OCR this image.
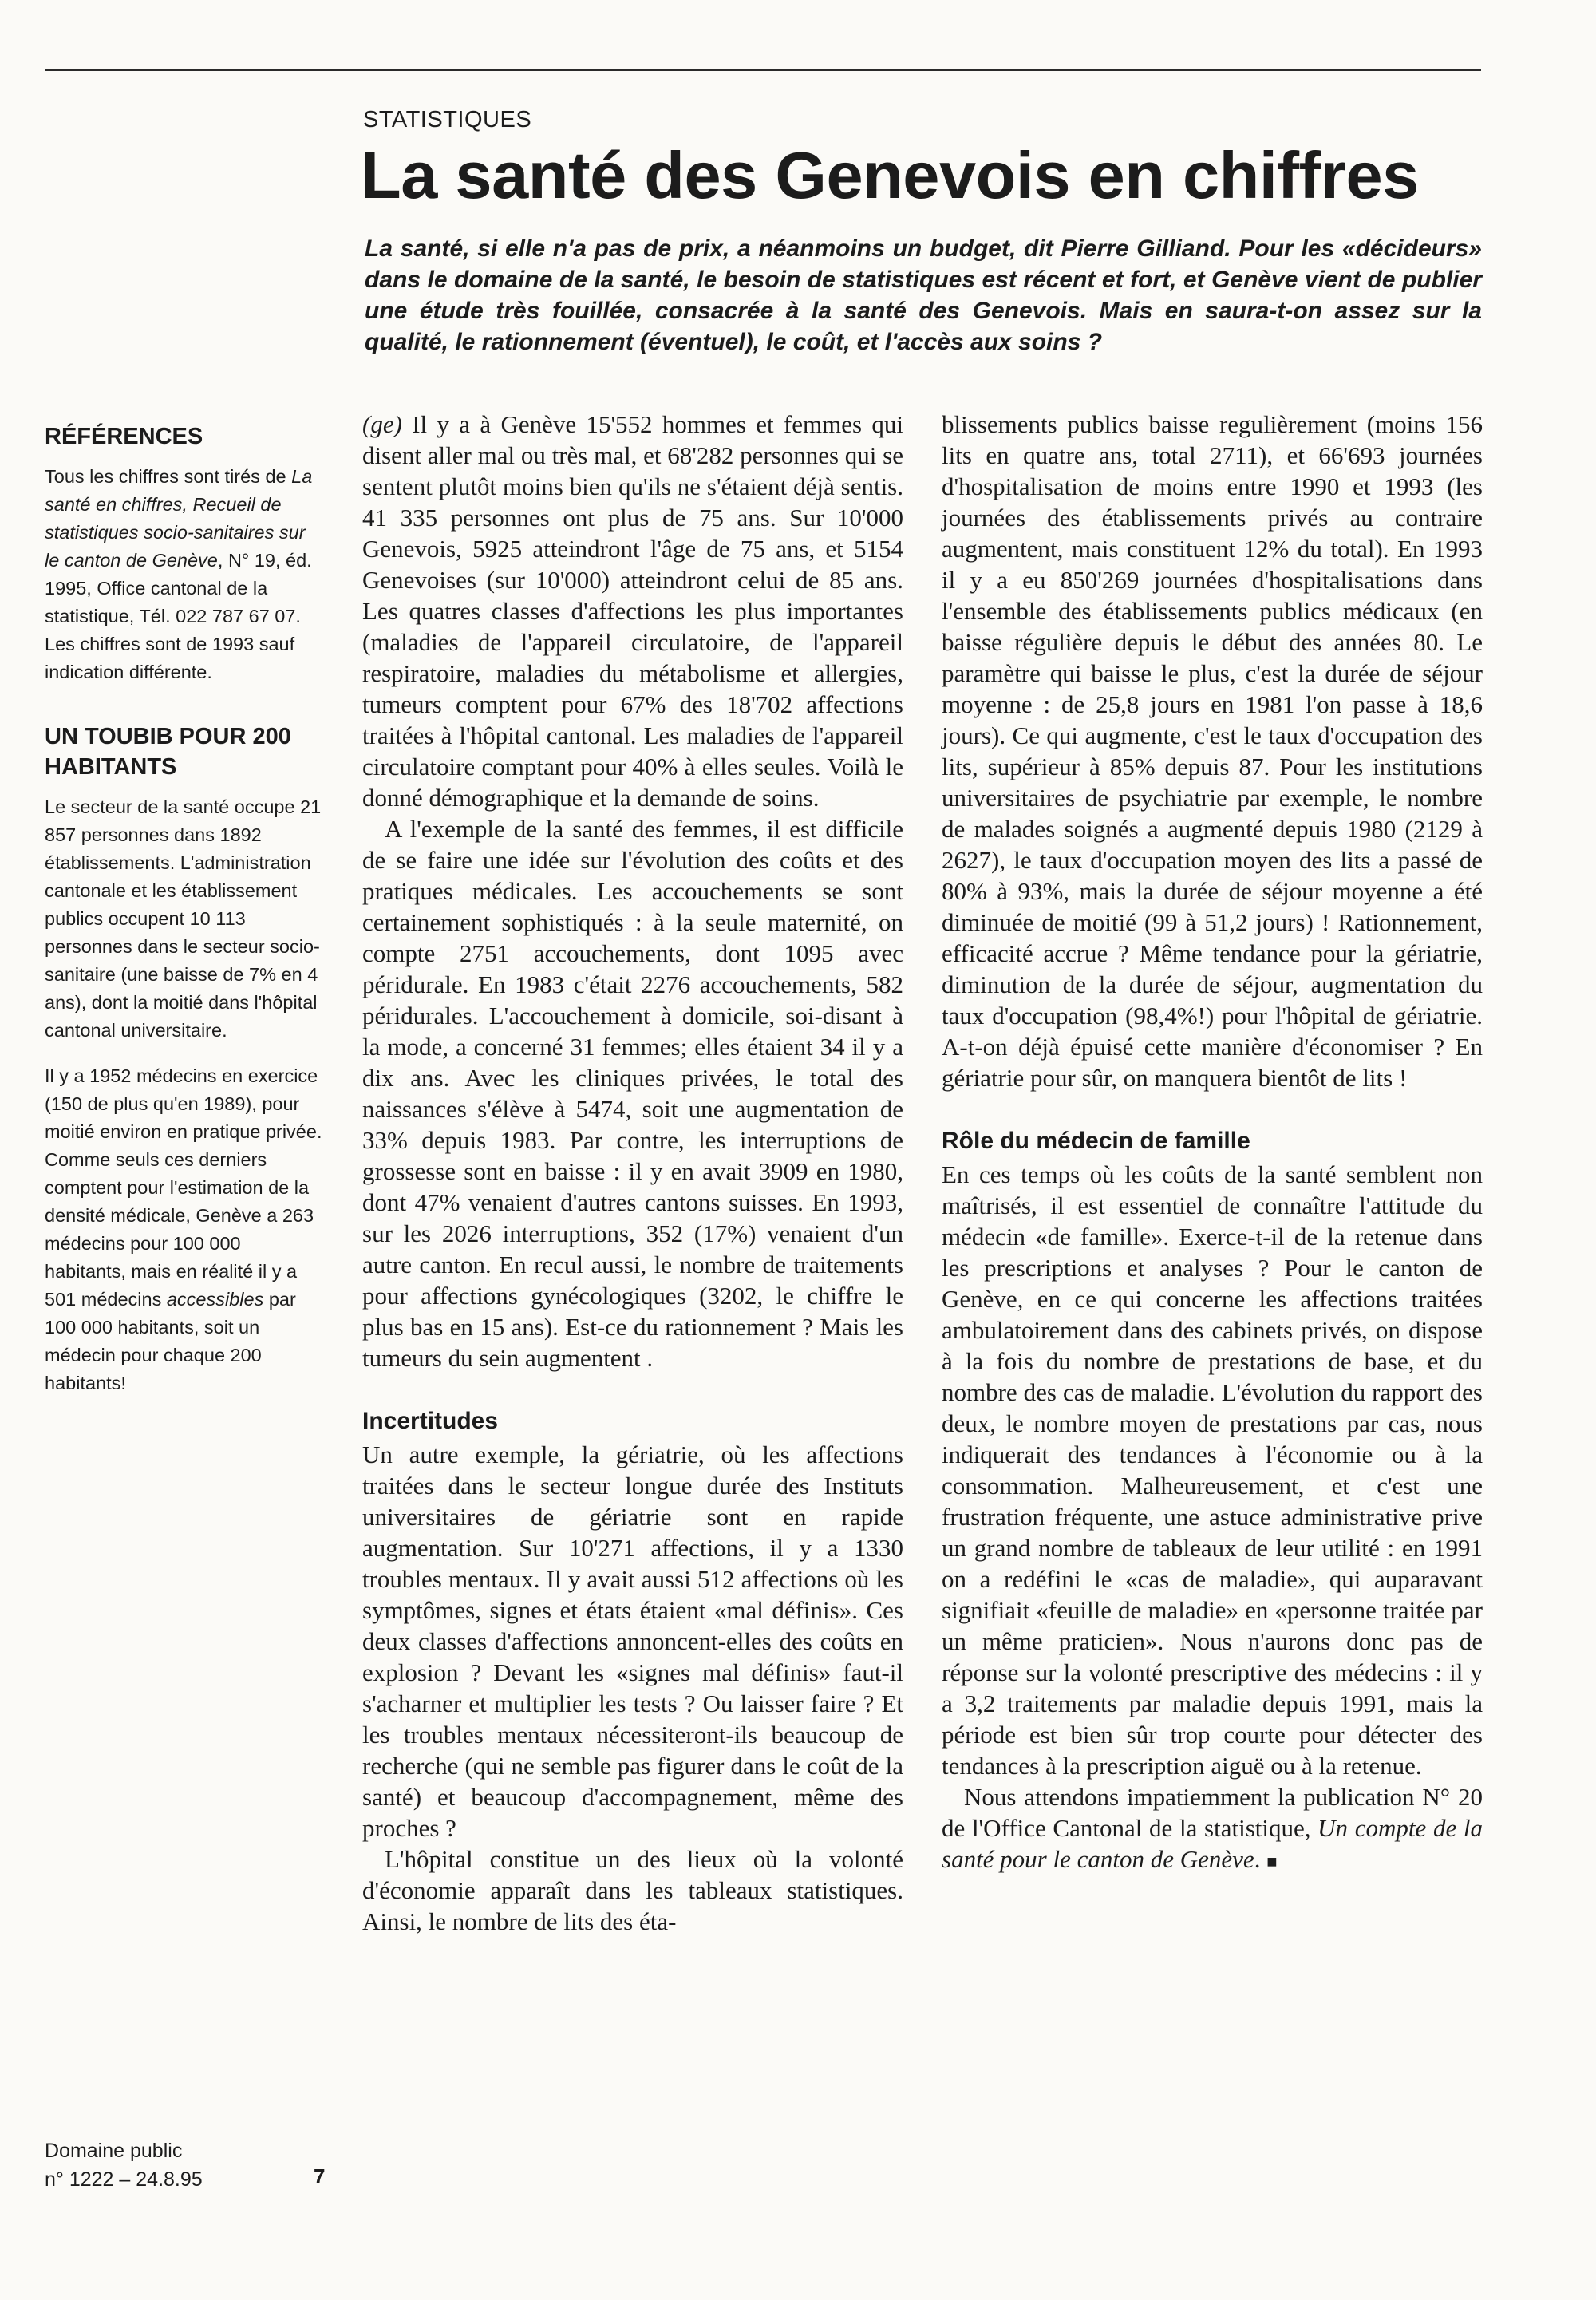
STATISTIQUES
La santé des Genevois en chiffres
La santé, si elle n'a pas de prix, a néanmoins un budget, dit Pierre Gilliand. Pour les «décideurs» dans le domaine de la santé, le besoin de statistiques est récent et fort, et Genève vient de publier une étude très fouillée, consacrée à la santé des Genevois. Mais en saura-t-on assez sur la qualité, le rationnement (éventuel), le coût, et l'accès aux soins ?
RÉFÉRENCES

Tous les chiffres sont tirés de La santé en chiffres, Recueil de statistiques socio-sanitaires sur le canton de Genève, N° 19, éd. 1995, Office cantonal de la statistique, Tél. 022 787 67 07. Les chiffres sont de 1993 sauf indication différente.

UN TOUBIB POUR 200 HABITANTS

Le secteur de la santé occupe 21 857 personnes dans 1892 établissements. L'administration cantonale et les établissement publics occupent 10 113 personnes dans le secteur socio-sanitaire (une baisse de 7% en 4 ans), dont la moitié dans l'hôpital cantonal universitaire.

Il y a 1952 médecins en exercice (150 de plus qu'en 1989), pour moitié environ en pratique privée. Comme seuls ces derniers comptent pour l'estimation de la densité médicale, Genève a 263 médecins pour 100 000 habitants, mais en réalité il y a 501 médecins accessibles par 100 000 habitants, soit un médecin pour chaque 200 habitants!

Domaine public
n° 1222 – 24.8.95	7

(ge) Il y a à Genève 15'552 hommes et femmes qui disent aller mal ou très mal, et 68'282 personnes qui se sentent plutôt moins bien qu'ils ne s'étaient déjà sentis. 41 335 personnes ont plus de 75 ans. Sur 10'000 Genevois, 5925 atteindront l'âge de 75 ans, et 5154 Genevoises (sur 10'000) atteindront celui de 85 ans. Les quatres classes d'affections les plus importantes (maladies de l'appareil circulatoire, de l'appareil respiratoire, maladies du métabolisme et allergies, tumeurs comptent pour 67% des 18'702 affections traitées à l'hôpital cantonal. Les maladies de l'appareil circulatoire comptant pour 40% à elles seules. Voilà le donné démographique et la demande de soins.

A l'exemple de la santé des femmes, il est difficile de se faire une idée sur l'évolution des coûts et des pratiques médicales. Les accouchements se sont certainement sophistiqués : à la seule maternité, on compte 2751 accouchements, dont 1095 avec péridurale. En 1983 c'était 2276 accouchements, 582 péridurales. L'accouchement à domicile, soi-disant à la mode, a concerné 31 femmes; elles étaient 34 il y a dix ans. Avec les cliniques privées, le total des naissances s'élève à 5474, soit une augmentation de 33% depuis 1983. Par contre, les interruptions de grossesse sont en baisse : il y en avait 3909 en 1980, dont 47% venaient d'autres cantons suisses. En 1993, sur les 2026 interruptions, 352 (17%) venaient d'un autre canton. En recul aussi, le nombre de traitements pour affections gynécologiques (3202, le chiffre le plus bas en 15 ans). Est-ce du rationnement ? Mais les tumeurs du sein augmentent .

Incertitudes

Un autre exemple, la gériatrie, où les affections traitées dans le secteur longue durée des Instituts universitaires de gériatrie sont en rapide augmentation. Sur 10'271 affections, il y a 1330 troubles mentaux. Il y avait aussi 512 affections où les symptômes, signes et états étaient «mal définis». Ces deux classes d'affections annoncent-elles des coûts en explosion ? Devant les «signes mal définis» faut-il s'acharner et multiplier les tests ? Ou laisser faire ? Et les troubles mentaux nécessiteront-ils beaucoup de recherche (qui ne semble pas figurer dans le coût de la santé) et beaucoup d'accompagnement, même des proches ?

L'hôpital constitue un des lieux où la volonté d'économie apparaît dans les tableaux statistiques. Ainsi, le nombre de lits des éta-

blissements publics baisse regulièrement (moins 156 lits en quatre ans, total 2711), et 66'693 journées d'hospitalisation de moins entre 1990 et 1993 (les journées des établissements privés au contraire augmentent, mais constituent 12% du total). En 1993 il y a eu 850'269 journées d'hospitalisations dans l'ensemble des établissements publics médicaux (en baisse régulière depuis le début des années 80. Le paramètre qui baisse le plus, c'est la durée de séjour moyenne : de 25,8 jours en 1981 l'on passe à 18,6 jours). Ce qui augmente, c'est le taux d'occupation des lits, supérieur à 85% depuis 87. Pour les institutions universitaires de psychiatrie par exemple, le nombre de malades soignés a augmenté depuis 1980 (2129 à 2627), le taux d'occupation moyen des lits a passé de 80% à 93%, mais la durée de séjour moyenne a été diminuée de moitié (99 à 51,2 jours) ! Rationnement, efficacité accrue ? Même tendance pour la gériatrie, diminution de la durée de séjour, augmentation du taux d'occupation (98,4%!) pour l'hôpital de gériatrie. A-t-on déjà épuisé cette manière d'économiser ? En gériatrie pour sûr, on manquera bientôt de lits !

Rôle du médecin de famille

En ces temps où les coûts de la santé semblent non maîtrisés, il est essentiel de connaître l'attitude du médecin «de famille». Exerce-t-il de la retenue dans les prescriptions et analyses ? Pour le canton de Genève, en ce qui concerne les affections traitées ambulatoirement dans des cabinets privés, on dispose à la fois du nombre de prestations de base, et du nombre des cas de maladie. L'évolution du rapport des deux, le nombre moyen de prestations par cas, nous indiquerait des tendances à l'économie ou à la consommation. Malheureusement, et c'est une frustration fréquente, une astuce administrative prive un grand nombre de tableaux de leur utilité : en 1991 on a redéfini le «cas de maladie», qui auparavant signifiait «feuille de maladie» en «personne traitée par un même praticien». Nous n'aurons donc pas de réponse sur la volonté prescriptive des médecins : il y a 3,2 traitements par maladie depuis 1991, mais la période est bien sûr trop courte pour détecter des tendances à la prescription aiguë ou à la retenue.

Nous attendons impatiemment la publication N° 20 de l'Office Cantonal de la statistique, Un compte de la santé pour le canton de Genève. ■
